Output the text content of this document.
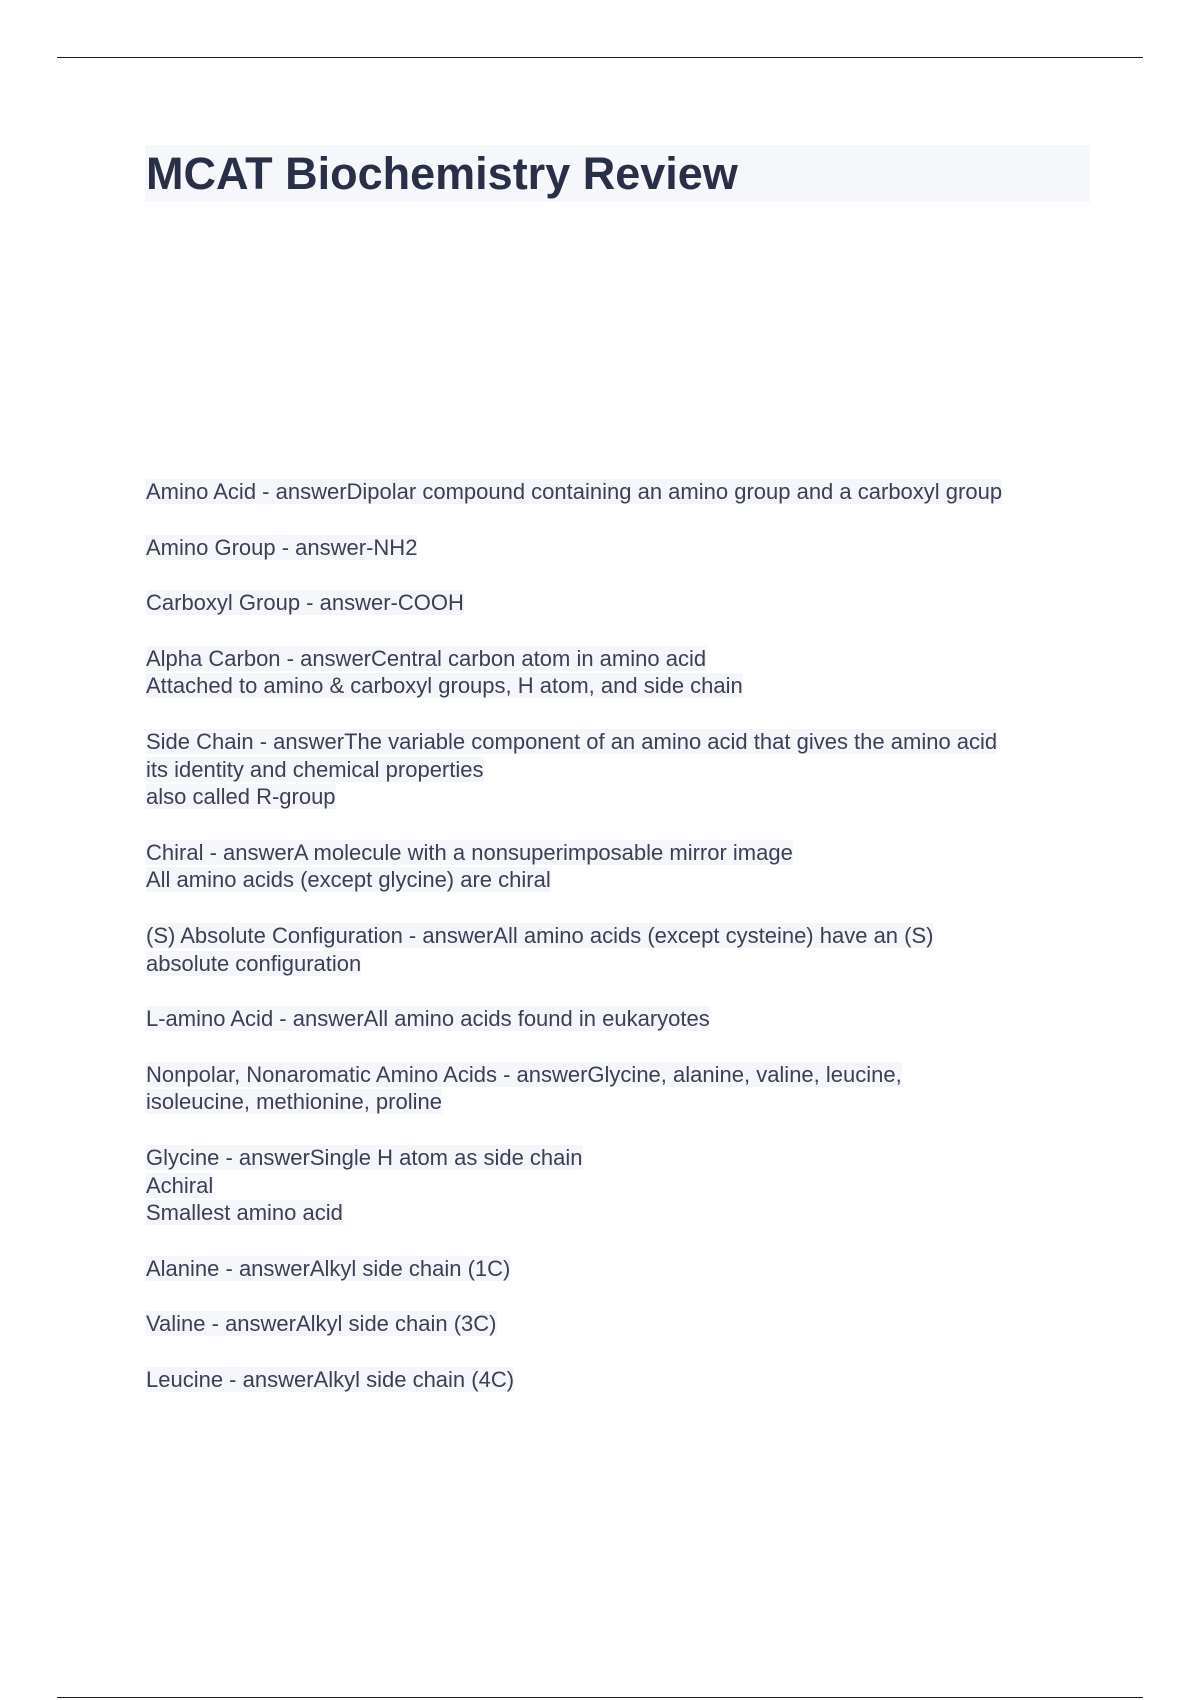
MCAT Biochemistry Review
Amino Acid - answerDipolar compound containing an amino group and a carboxyl group
Amino Group - answer-NH2
Carboxyl Group - answer-COOH
Alpha Carbon - answerCentral carbon atom in amino acid
Attached to amino & carboxyl groups, H atom, and side chain
Side Chain - answerThe variable component of an amino acid that gives the amino acid
its identity and chemical properties
also called R-group
Chiral - answerA molecule with a nonsuperimposable mirror image
All amino acids (except glycine) are chiral
(S) Absolute Configuration - answerAll amino acids (except cysteine) have an (S)
absolute configuration
L-amino Acid - answerAll amino acids found in eukaryotes
Nonpolar, Nonaromatic Amino Acids - answerGlycine, alanine, valine, leucine,
isoleucine, methionine, proline
Glycine - answerSingle H atom as side chain
Achiral
Smallest amino acid
Alanine - answerAlkyl side chain (1C)
Valine - answerAlkyl side chain (3C)
Leucine - answerAlkyl side chain (4C)
